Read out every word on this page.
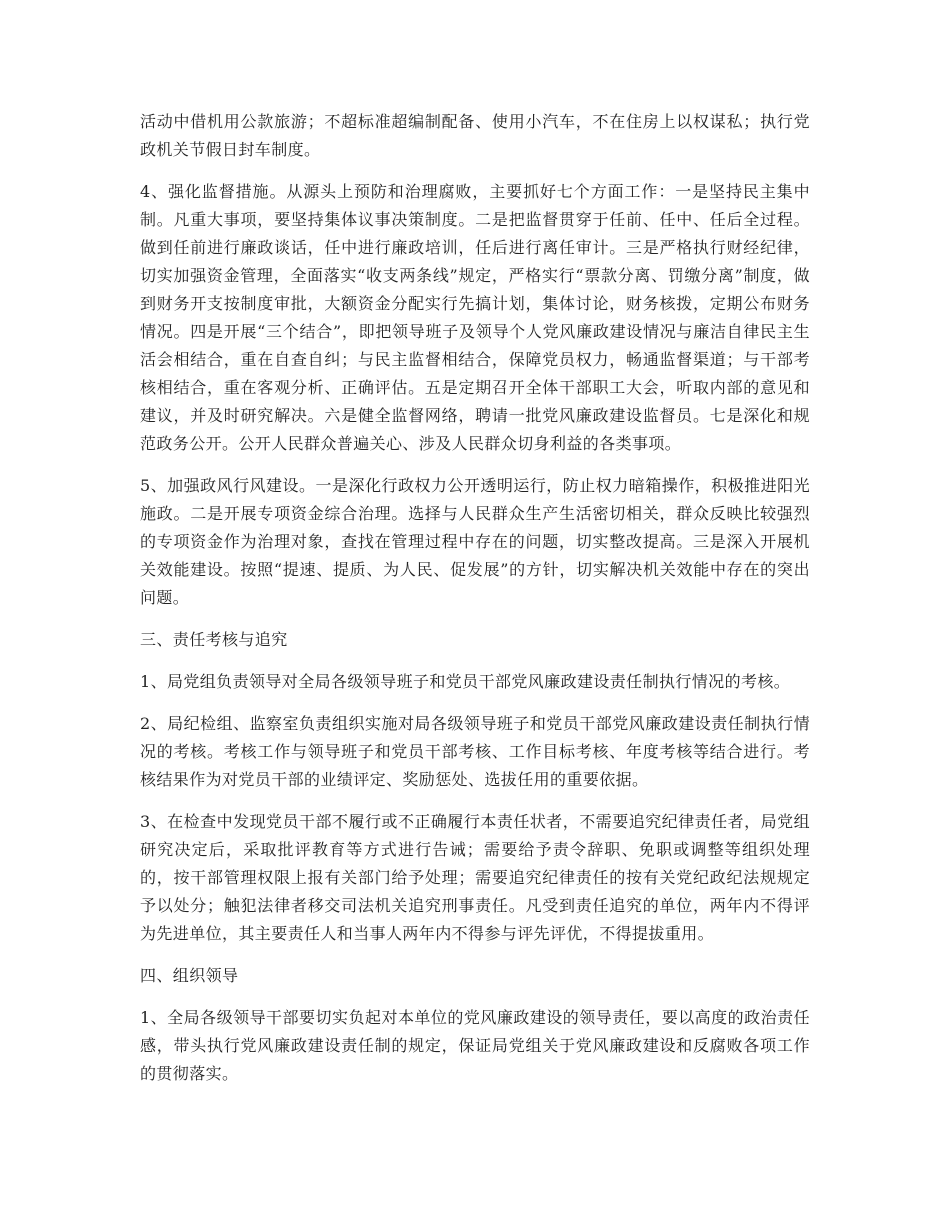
活动中借机用公款旅游；不超标准超编制配备、使用小汽车，不在住房上以权谋私；执行党政机关节假日封车制度。

4、强化监督措施。从源头上预防和治理腐败，主要抓好七个方面工作：一是坚持民主集中制。凡重大事项，要坚持集体议事决策制度。二是把监督贯穿于任前、任中、任后全过程。做到任前进行廉政谈话，任中进行廉政培训，任后进行离任审计。三是严格执行财经纪律，切实加强资金管理，全面落实“收支两条线”规定，严格实行“票款分离、罚缴分离”制度，做到财务开支按制度审批，大额资金分配实行先搞计划，集体讨论，财务核拨，定期公布财务情况。四是开展“三个结合”，即把领导班子及领导个人党风廉政建设情况与廉洁自律民主生活会相结合，重在自查自纠；与民主监督相结合，保障党员权力，畅通监督渠道；与干部考核相结合，重在客观分析、正确评估。五是定期召开全体干部职工大会，听取内部的意见和建议，并及时研究解决。六是健全监督网络，聘请一批党风廉政建设监督员。七是深化和规范政务公开。公开人民群众普遍关心、涉及人民群众切身利益的各类事项。

5、加强政风行风建设。一是深化行政权力公开透明运行，防止权力暗箱操作，积极推进阳光施政。二是开展专项资金综合治理。选择与人民群众生产生活密切相关，群众反映比较强烈的专项资金作为治理对象，查找在管理过程中存在的问题，切实整改提高。三是深入开展机关效能建设。按照“提速、提质、为人民、促发展”的方针，切实解决机关效能中存在的突出问题。

三、责任考核与追究

1、局党组负责领导对全局各级领导班子和党员干部党风廉政建设责任制执行情况的考核。

2、局纪检组、监察室负责组织实施对局各级领导班子和党员干部党风廉政建设责任制执行情况的考核。考核工作与领导班子和党员干部考核、工作目标考核、年度考核等结合进行。考核结果作为对党员干部的业绩评定、奖励惩处、选拔任用的重要依据。

3、在检查中发现党员干部不履行或不正确履行本责任状者，不需要追究纪律责任者，局党组研究决定后，采取批评教育等方式进行告诫；需要给予责令辞职、免职或调整等组织处理的，按干部管理权限上报有关部门给予处理；需要追究纪律责任的按有关党纪政纪法规规定予以处分；触犯法律者移交司法机关追究刑事责任。凡受到责任追究的单位，两年内不得评为先进单位，其主要责任人和当事人两年内不得参与评先评优，不得提拔重用。

四、组织领导

1、全局各级领导干部要切实负起对本单位的党风廉政建设的领导责任，要以高度的政治责任感，带头执行党风廉政建设责任制的规定，保证局党组关于党风廉政建设和反腐败各项工作的贯彻落实。
